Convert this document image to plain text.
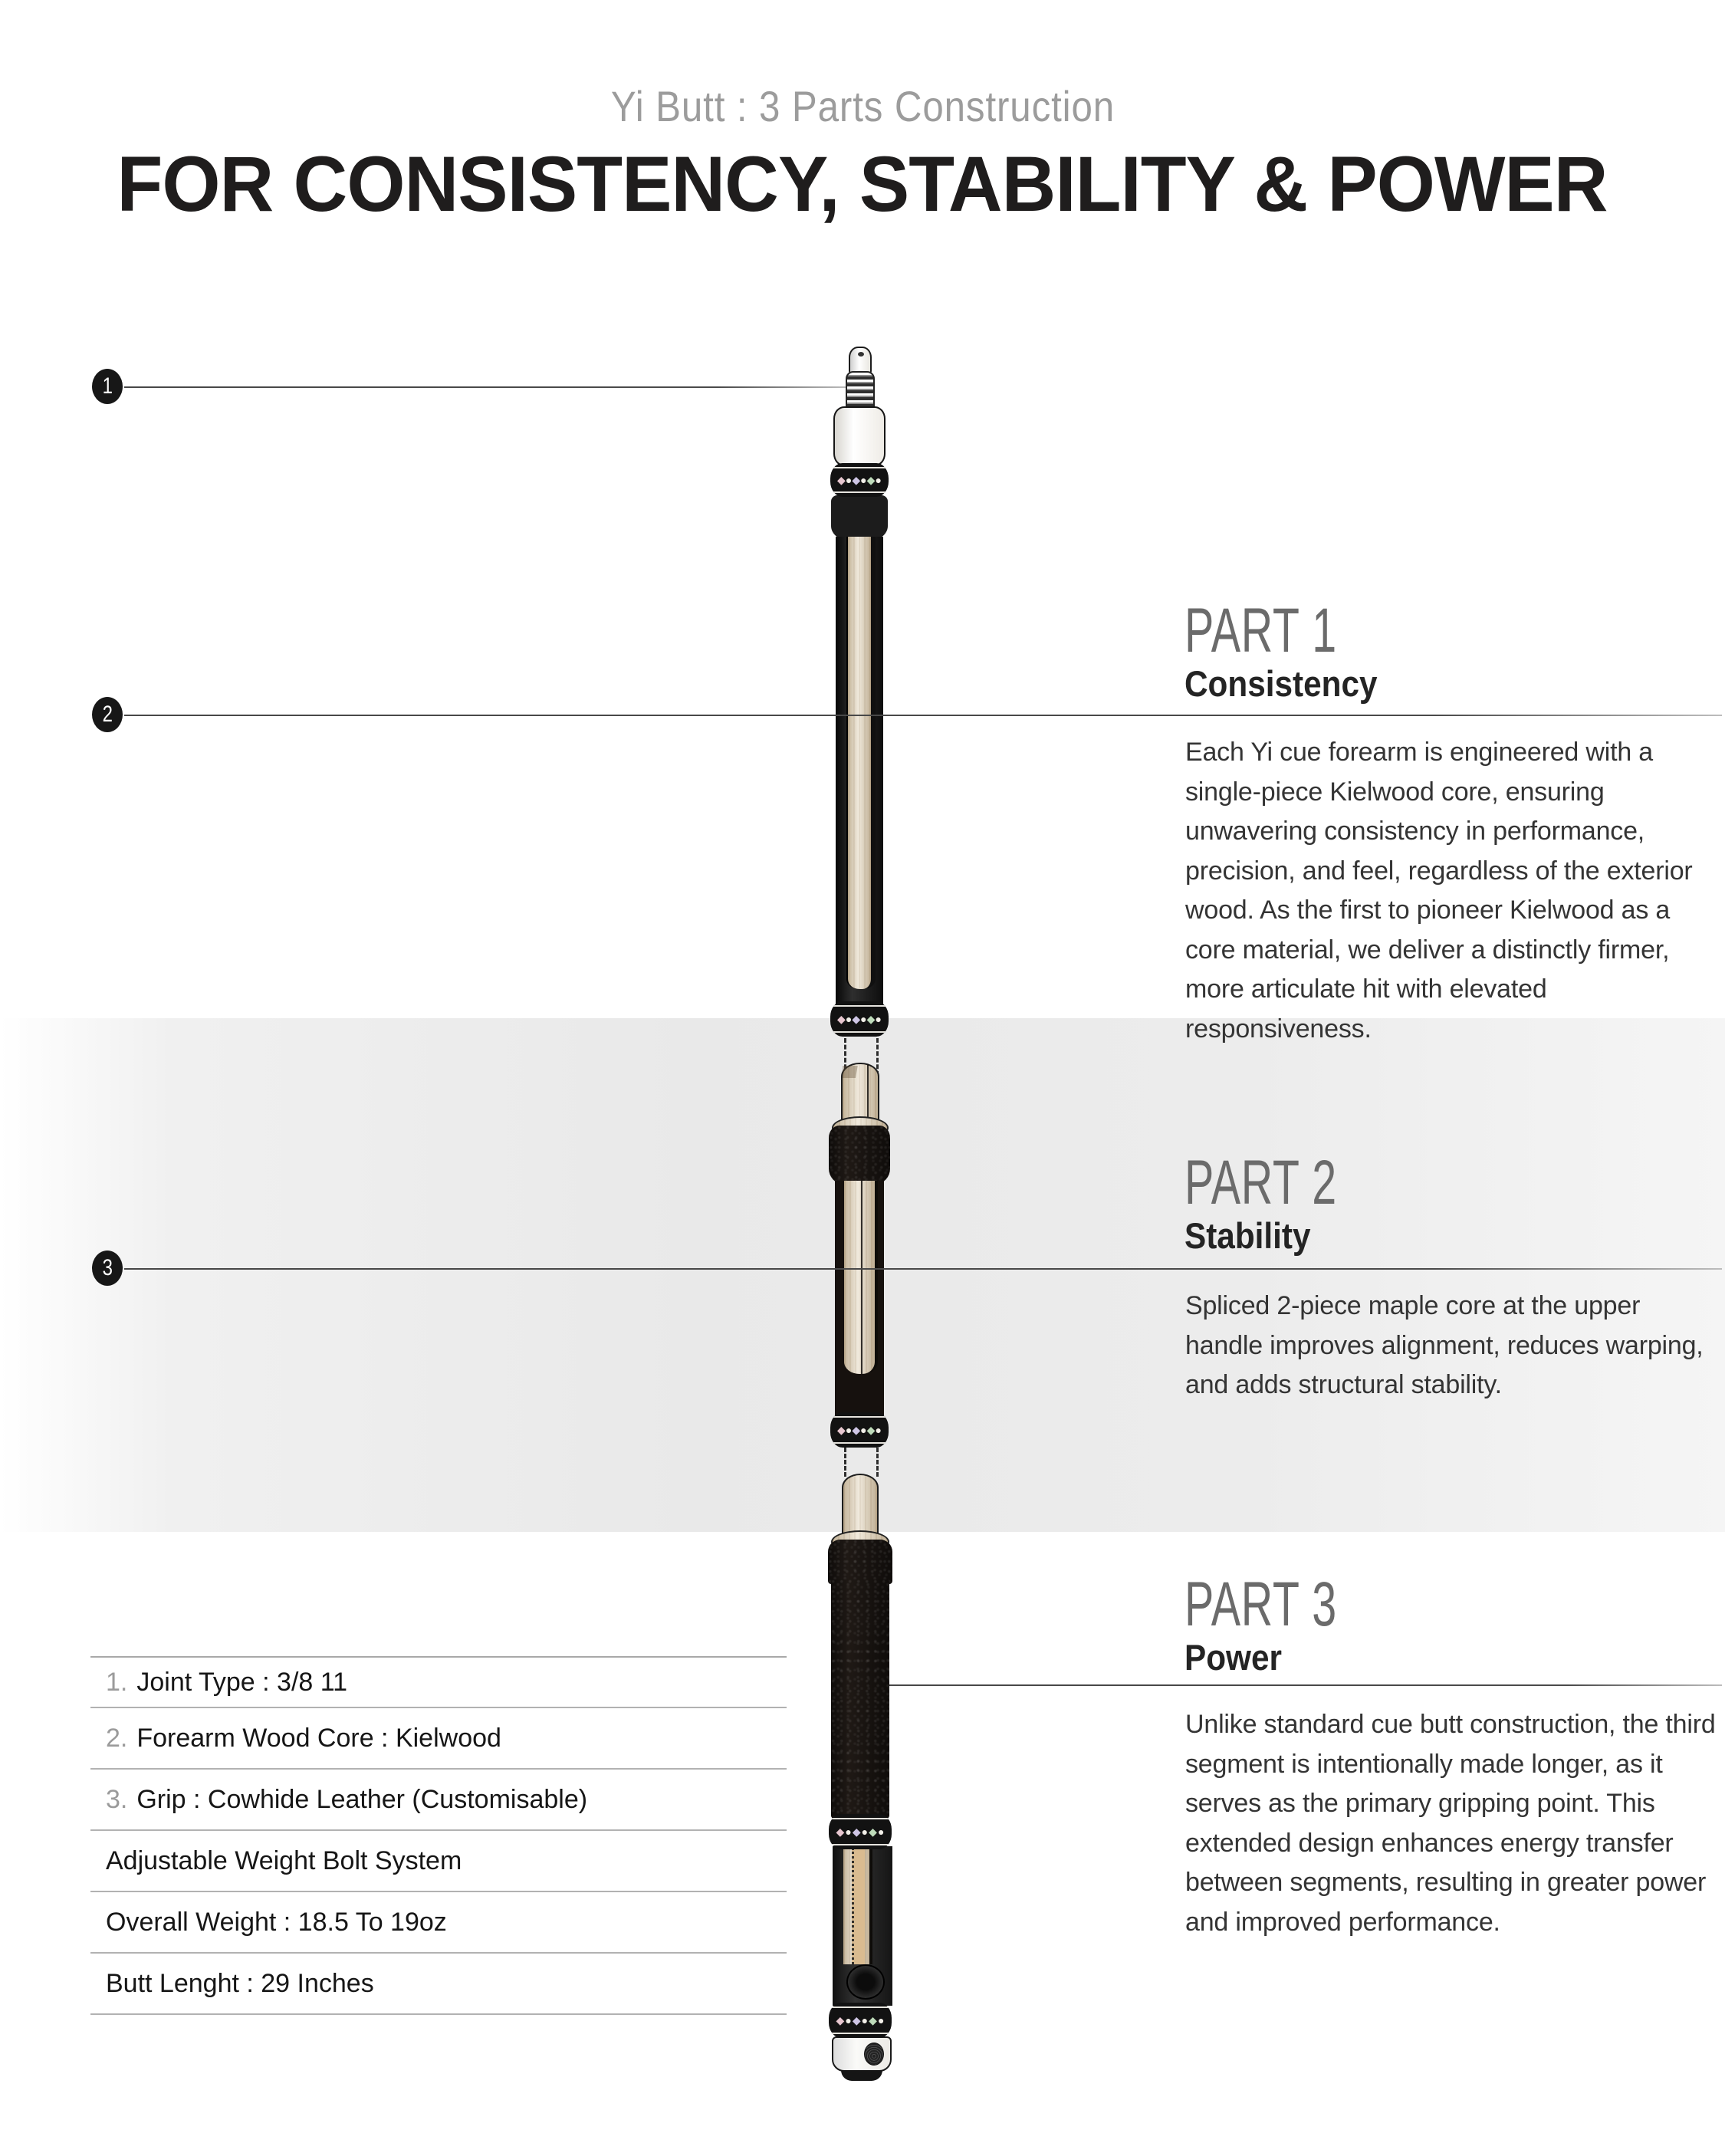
Yi Butt : 3 Parts Construction
FOR CONSISTENCY, STABILITY & POWER
◆ ● ◆ ● ◆ ●
◆ ● ◆ ● ◆ ●
◆ ● ◆ ● ◆ ●
◆ ● ◆ ● ◆ ●
◆ ● ◆ ● ◆ ●
1
2
3
PART 1
Consistency
Each Yi cue forearm is engineered with a single-piece Kielwood core, ensuring unwavering consistency in performance, precision, and feel, regardless of the exterior wood. As the first to pioneer Kielwood as a core material, we deliver a distinctly firmer, more articulate hit with elevated responsiveness.
PART 2
Stability
Spliced 2-piece maple core at the upper handle improves alignment, reduces warping, and adds structural stability.
PART 3
Power
Unlike standard cue butt construction, the third segment is intentionally made longer, as it serves as the primary gripping point. This extended design enhances energy transfer between segments, resulting in greater power and improved performance.
1. Joint Type : 3/8 11
2. Forearm Wood Core : Kielwood
3. Grip : Cowhide Leather (Customisable)
Adjustable Weight Bolt System
Overall Weight : 18.5 To 19oz
Butt Lenght : 29 Inches
